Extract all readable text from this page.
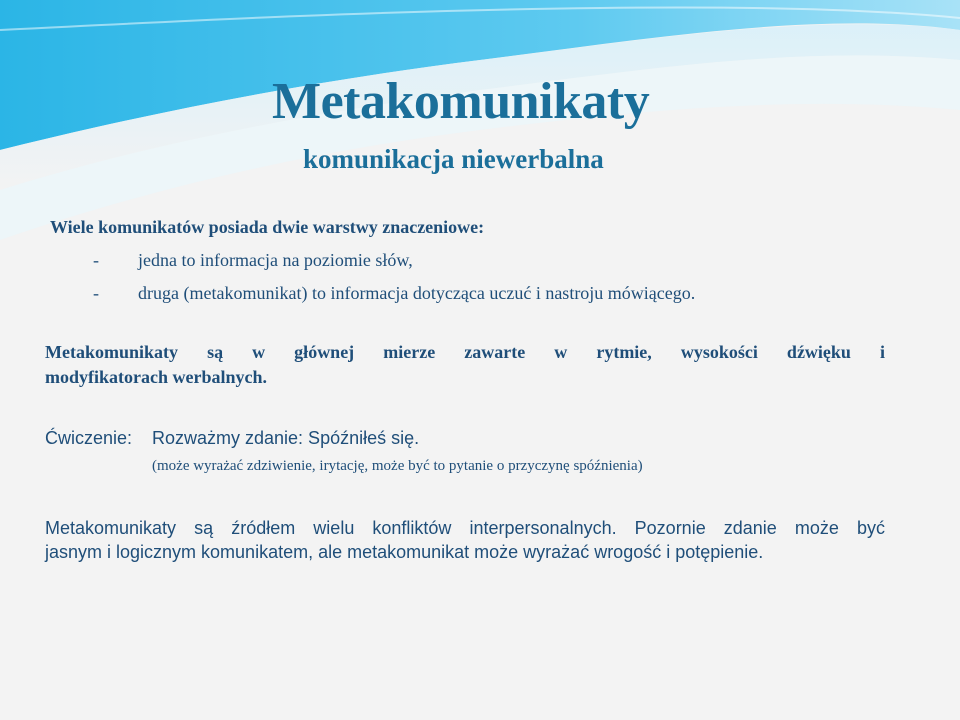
Metakomunikaty
komunikacja niewerbalna
Wiele komunikatów posiada dwie warstwy znaczeniowe:
- jedna to informacja na poziomie słów,
- druga (metakomunikat) to informacja dotycząca uczuć i nastroju mówiącego.
Metakomunikaty są w głównej mierze zawarte w rytmie, wysokości dźwięku i
modyfikatorach werbalnych.
Ćwiczenie: Rozważmy zdanie: Spóźniłeś się.
(może wyrażać zdziwienie, irytację, może być to pytanie o przyczynę spóźnienia)
Metakomunikaty są źródłem wielu konfliktów interpersonalnych. Pozornie zdanie może być
jasnym i logicznym komunikatem, ale metakomunikat może wyrażać wrogość i potępienie.
